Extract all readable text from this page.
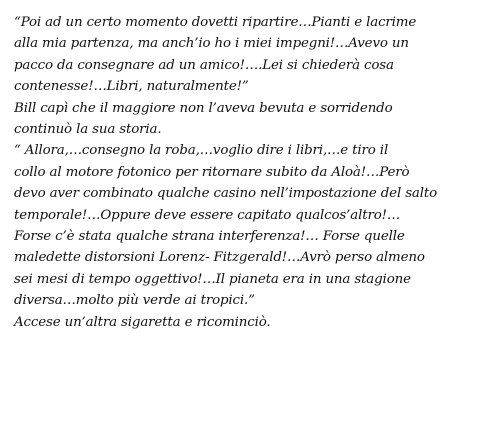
“Poi ad un certo momento dovetti ripartire…Pianti e lacrime
alla mia partenza, ma anch’io ho i miei impegni!…Avevo un
pacco da consegnare ad un amico!….Lei si chiederà cosa
contenesse!…Libri, naturalmente!”
Bill capì che il maggiore non l’aveva bevuta e sorridendo
continuò la sua storia.
“ Allora,…consegno la roba,…voglio dire i libri,…e tiro il
collo al motore fotonico per ritornare subito da Aloà!…Però
devo aver combinato qualche casino nell’impostazione del salto
temporale!…Oppure deve essere capitato qualcos’altro!…
Forse c’è stata qualche strana interferenza!… Forse quelle
maledette distorsioni Lorenz- Fitzgerald!…Avrò perso almeno
sei mesi di tempo oggettivo!…Il pianeta era in una stagione
diversa…molto più verde ai tropici.”
Accese un’altra sigaretta e ricominciò.
